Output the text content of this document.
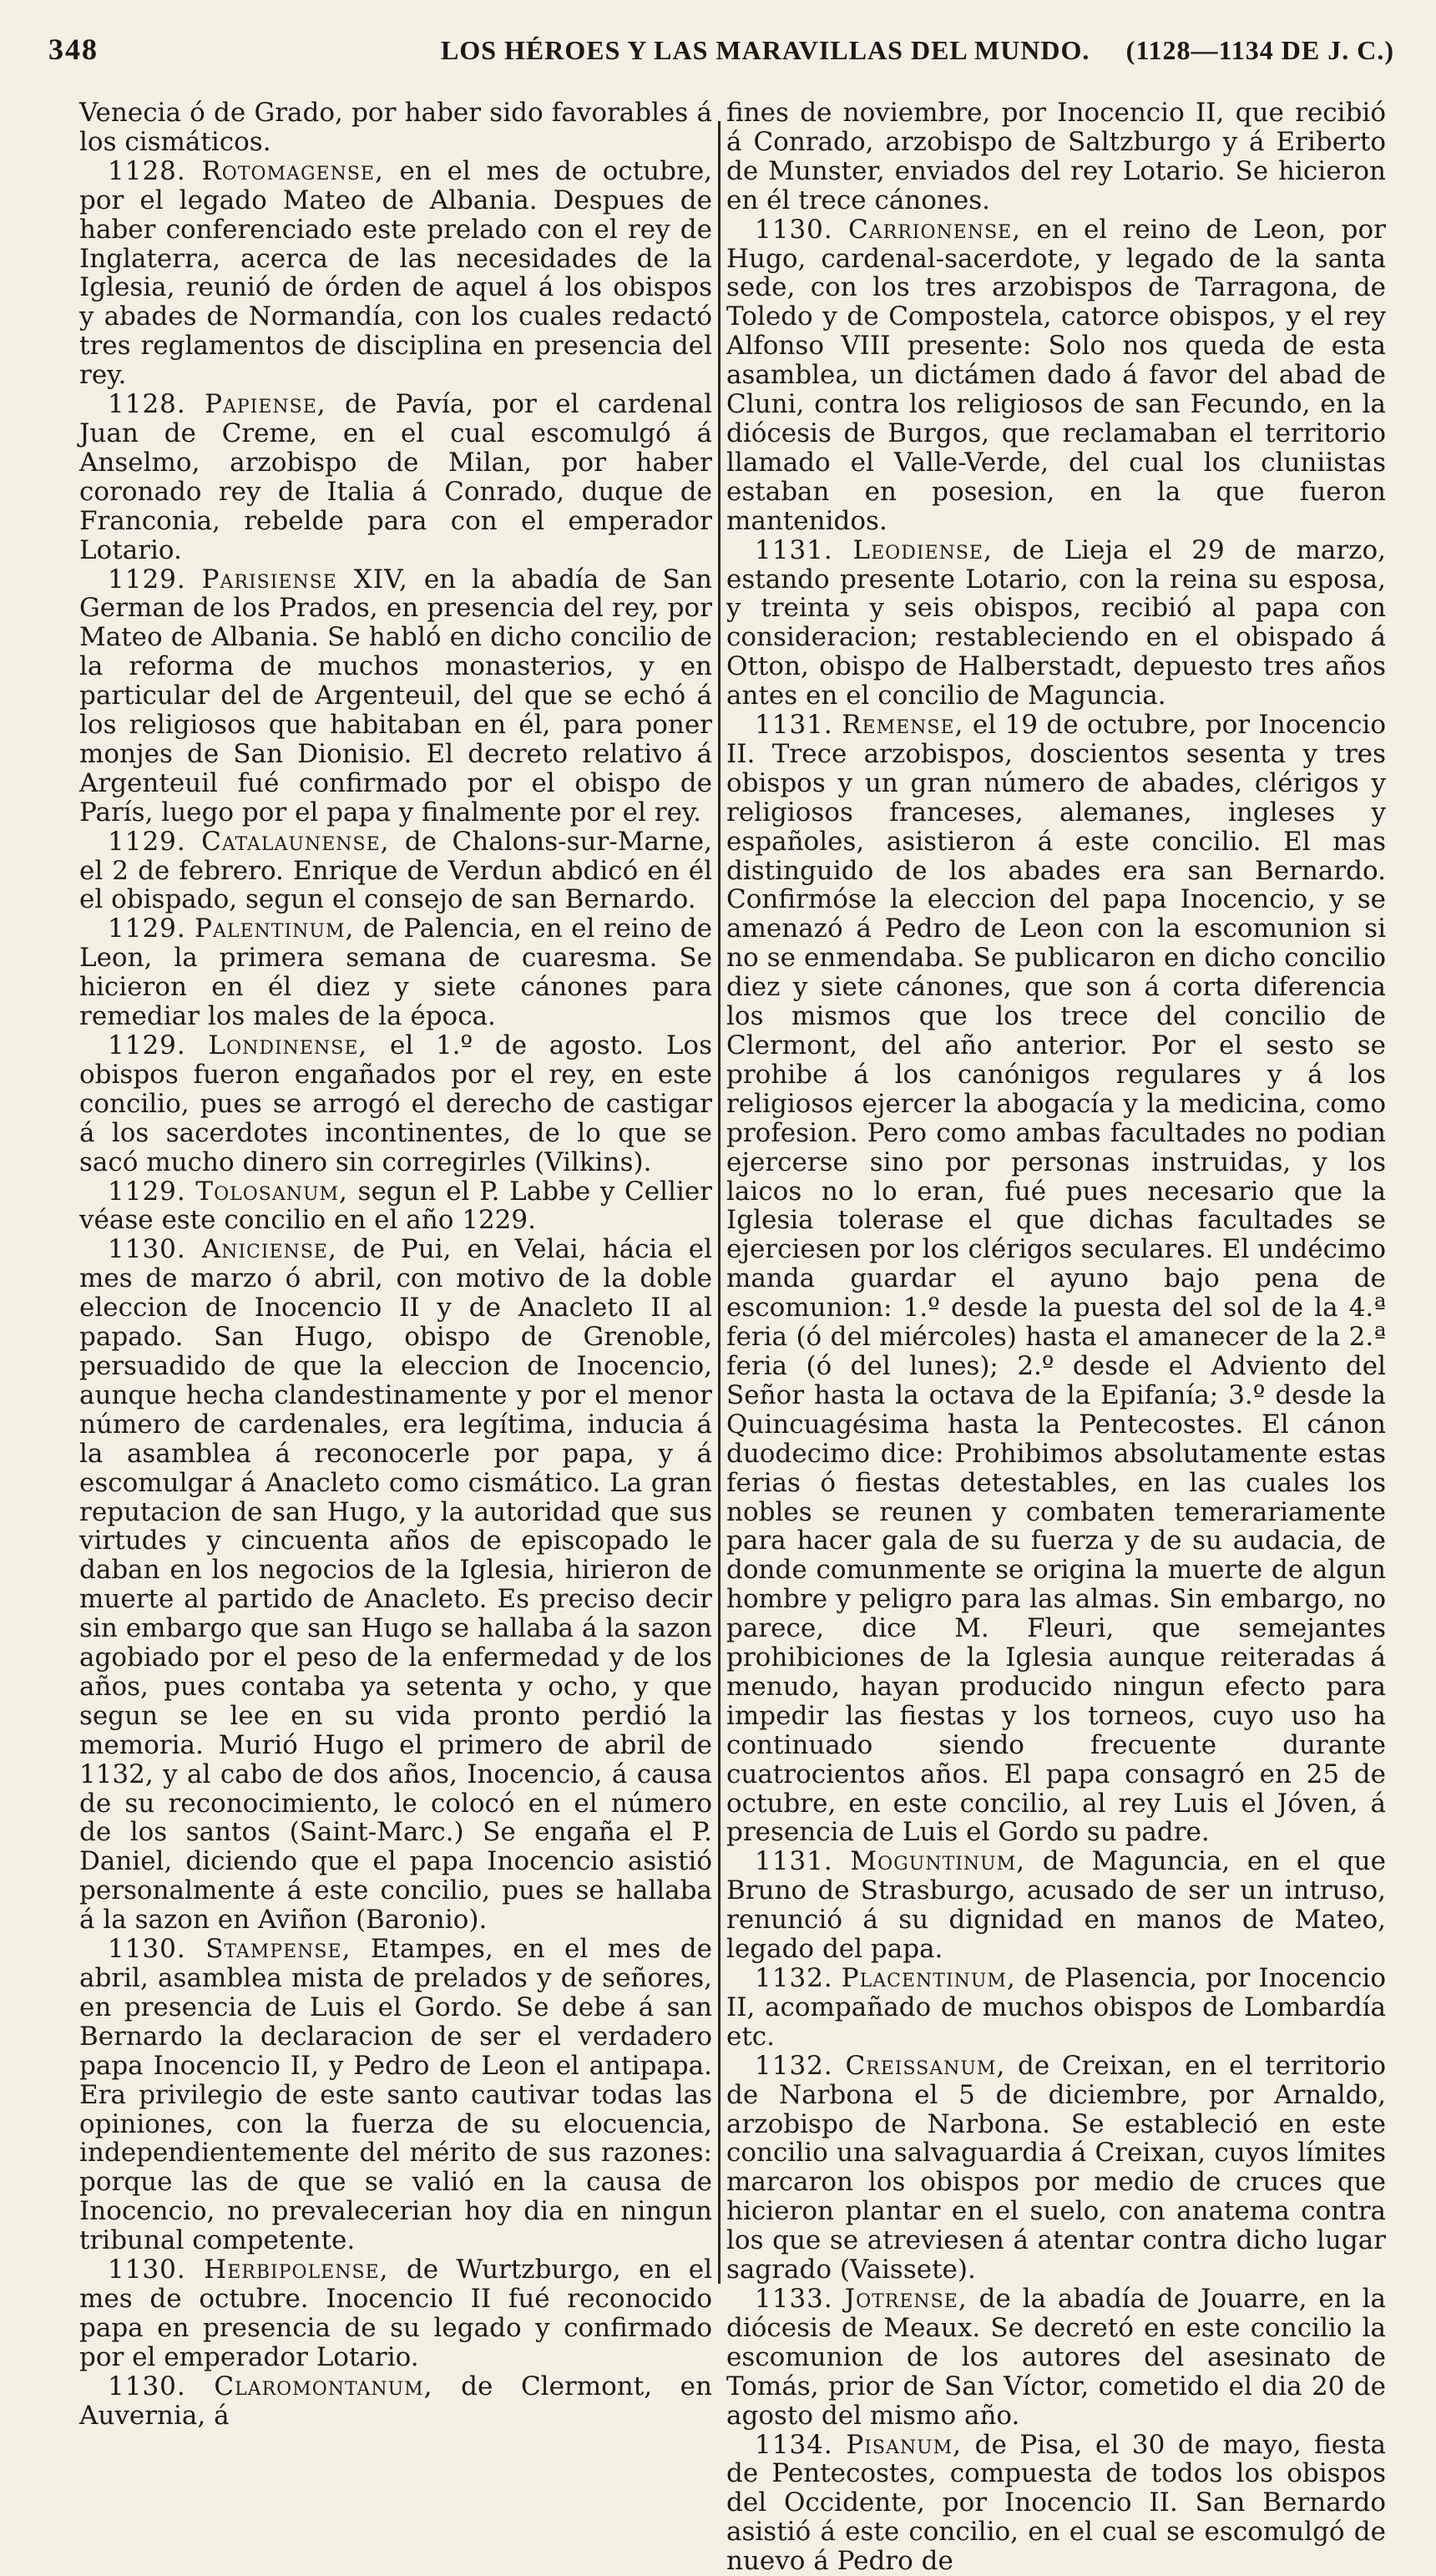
348	LOS HÉROES Y LAS MARAVILLAS DEL MUNDO. (1128—1134 DE J. C.)

Venecia ó de Grado, por haber sido favorables á los cismáticos.

1128. Rotomagense, en el mes de octubre, por el legado Mateo de Albania. Despues de haber conferenciado este prelado con el rey de Inglaterra, acerca de las necesidades de la Iglesia, reunió de órden de aquel á los obispos y abades de Normandía, con los cuales redactó tres reglamentos de disciplina en presencia del rey.

1128. Papiense, de Pavía, por el cardenal Juan de Creme, en el cual escomulgó á Anselmo, arzobispo de Milan, por haber coronado rey de Italia á Conrado, duque de Franconia, rebelde para con el emperador Lotario.

1129. Parisiense XIV, en la abadía de San German de los Prados, en presencia del rey, por Mateo de Albania. Se habló en dicho concilio de la reforma de muchos monasterios, y en particular del de Argenteuil, del que se echó á los religiosos que habitaban en él, para poner monjes de San Dionisio. El decreto relativo á Argenteuil fué confirmado por el obispo de París, luego por el papa y finalmente por el rey.

1129. Catalaunense, de Chalons-sur-Marne, el 2 de febrero. Enrique de Verdun abdicó en él el obispado, segun el consejo de san Bernardo.

1129. Palentinum, de Palencia, en el reino de Leon, la primera semana de cuaresma. Se hicieron en él diez y siete cánones para remediar los males de la época.

1129. Londinense, el 1.º de agosto. Los obispos fueron engañados por el rey, en este concilio, pues se arrogó el derecho de castigar á los sacerdotes incontinentes, de lo que se sacó mucho dinero sin corregirles (Vilkins).

1129. Tolosanum, segun el P. Labbe y Cellier véase este concilio en el año 1229.

1130. Aniciense, de Pui, en Velai, hácia el mes de marzo ó abril, con motivo de la doble eleccion de Inocencio II y de Anacleto II al papado. San Hugo, obispo de Grenoble, persuadido de que la eleccion de Inocencio, aunque hecha clandestinamente y por el menor número de cardenales, era legítima, inducia á la asamblea á reconocerle por papa, y á escomulgar á Anacleto como cismático. La gran reputacion de san Hugo, y la autoridad que sus virtudes y cincuenta años de episcopado le daban en los negocios de la Iglesia, hirieron de muerte al partido de Anacleto. Es preciso decir sin embargo que san Hugo se hallaba á la sazon agobiado por el peso de la enfermedad y de los años, pues contaba ya setenta y ocho, y que segun se lee en su vida pronto perdió la memoria. Murió Hugo el primero de abril de 1132, y al cabo de dos años, Inocencio, á causa de su reconocimiento, le colocó en el número de los santos (Saint-Marc.) Se engaña el P. Daniel, diciendo que el papa Inocencio asistió personalmente á este concilio, pues se hallaba á la sazon en Aviñon (Baronio).

1130. Stampense, Etampes, en el mes de abril, asamblea mista de prelados y de señores, en presencia de Luis el Gordo. Se debe á san Bernardo la declaracion de ser el verdadero papa Inocencio II, y Pedro de Leon el antipapa. Era privilegio de este santo cautivar todas las opiniones, con la fuerza de su elocuencia, independientemente del mérito de sus razones: porque las de que se valió en la causa de Inocencio, no prevalecerian hoy dia en ningun tribunal competente.

1130. Herbipolense, de Wurtzburgo, en el mes de octubre. Inocencio II fué reconocido papa en presencia de su legado y confirmado por el emperador Lotario.

1130. Claromontanum, de Clermont, en Auvernia, á

fines de noviembre, por Inocencio II, que recibió á Conrado, arzobispo de Saltzburgo y á Eriberto de Munster, enviados del rey Lotario. Se hicieron en él trece cánones.

1130. Carrionense, en el reino de Leon, por Hugo, cardenal-sacerdote, y legado de la santa sede, con los tres arzobispos de Tarragona, de Toledo y de Compostela, catorce obispos, y el rey Alfonso VIII presente: Solo nos queda de esta asamblea, un dictámen dado á favor del abad de Cluni, contra los religiosos de san Fecundo, en la diócesis de Burgos, que reclamaban el territorio llamado el Valle-Verde, del cual los cluniistas estaban en posesion, en la que fueron mantenidos.

1131. Leodiense, de Lieja el 29 de marzo, estando presente Lotario, con la reina su esposa, y treinta y seis obispos, recibió al papa con consideracion; restableciendo en el obispado á Otton, obispo de Halberstadt, depuesto tres años antes en el concilio de Maguncia.

1131. Remense, el 19 de octubre, por Inocencio II. Trece arzobispos, doscientos sesenta y tres obispos y un gran número de abades, clérigos y religiosos franceses, alemanes, ingleses y españoles, asistieron á este concilio. El mas distinguido de los abades era san Bernardo. Confirmóse la eleccion del papa Inocencio, y se amenazó á Pedro de Leon con la escomunion si no se enmendaba. Se publicaron en dicho concilio diez y siete cánones, que son á corta diferencia los mismos que los trece del concilio de Clermont, del año anterior. Por el sesto se prohibe á los canónigos regulares y á los religiosos ejercer la abogacía y la medicina, como profesion. Pero como ambas facultades no podian ejercerse sino por personas instruidas, y los laicos no lo eran, fué pues necesario que la Iglesia tolerase el que dichas facultades se ejerciesen por los clérigos seculares. El undécimo manda guardar el ayuno bajo pena de escomunion: 1.º desde la puesta del sol de la 4.ª feria (ó del miércoles) hasta el amanecer de la 2.ª feria (ó del lunes); 2.º desde el Adviento del Señor hasta la octava de la Epifanía; 3.º desde la Quincuagésima hasta la Pentecostes. El cánon duodecimo dice: Prohibimos absolutamente estas ferias ó fiestas detestables, en las cuales los nobles se reunen y combaten temerariamente para hacer gala de su fuerza y de su audacia, de donde comunmente se origina la muerte de algun hombre y peligro para las almas. Sin embargo, no parece, dice M. Fleuri, que semejantes prohibiciones de la Iglesia aunque reiteradas á menudo, hayan producido ningun efecto para impedir las fiestas y los torneos, cuyo uso ha continuado siendo frecuente durante cuatrocientos años. El papa consagró en 25 de octubre, en este concilio, al rey Luis el Jóven, á presencia de Luis el Gordo su padre.

1131. Moguntinum, de Maguncia, en el que Bruno de Strasburgo, acusado de ser un intruso, renunció á su dignidad en manos de Mateo, legado del papa.

1132. Placentinum, de Plasencia, por Inocencio II, acompañado de muchos obispos de Lombardía etc.

1132. Creissanum, de Creixan, en el territorio de Narbona el 5 de diciembre, por Arnaldo, arzobispo de Narbona. Se estableció en este concilio una salvaguardia á Creixan, cuyos límites marcaron los obispos por medio de cruces que hicieron plantar en el suelo, con anatema contra los que se atreviesen á atentar contra dicho lugar sagrado (Vaissete).

1133. Jotrense, de la abadía de Jouarre, en la diócesis de Meaux. Se decretó en este concilio la escomunion de los autores del asesinato de Tomás, prior de San Víctor, cometido el dia 20 de agosto del mismo año.

1134. Pisanum, de Pisa, el 30 de mayo, fiesta de Pentecostes, compuesta de todos los obispos del Occidente, por Inocencio II. San Bernardo asistió á este concilio, en el cual se escomulgó de nuevo á Pedro de
